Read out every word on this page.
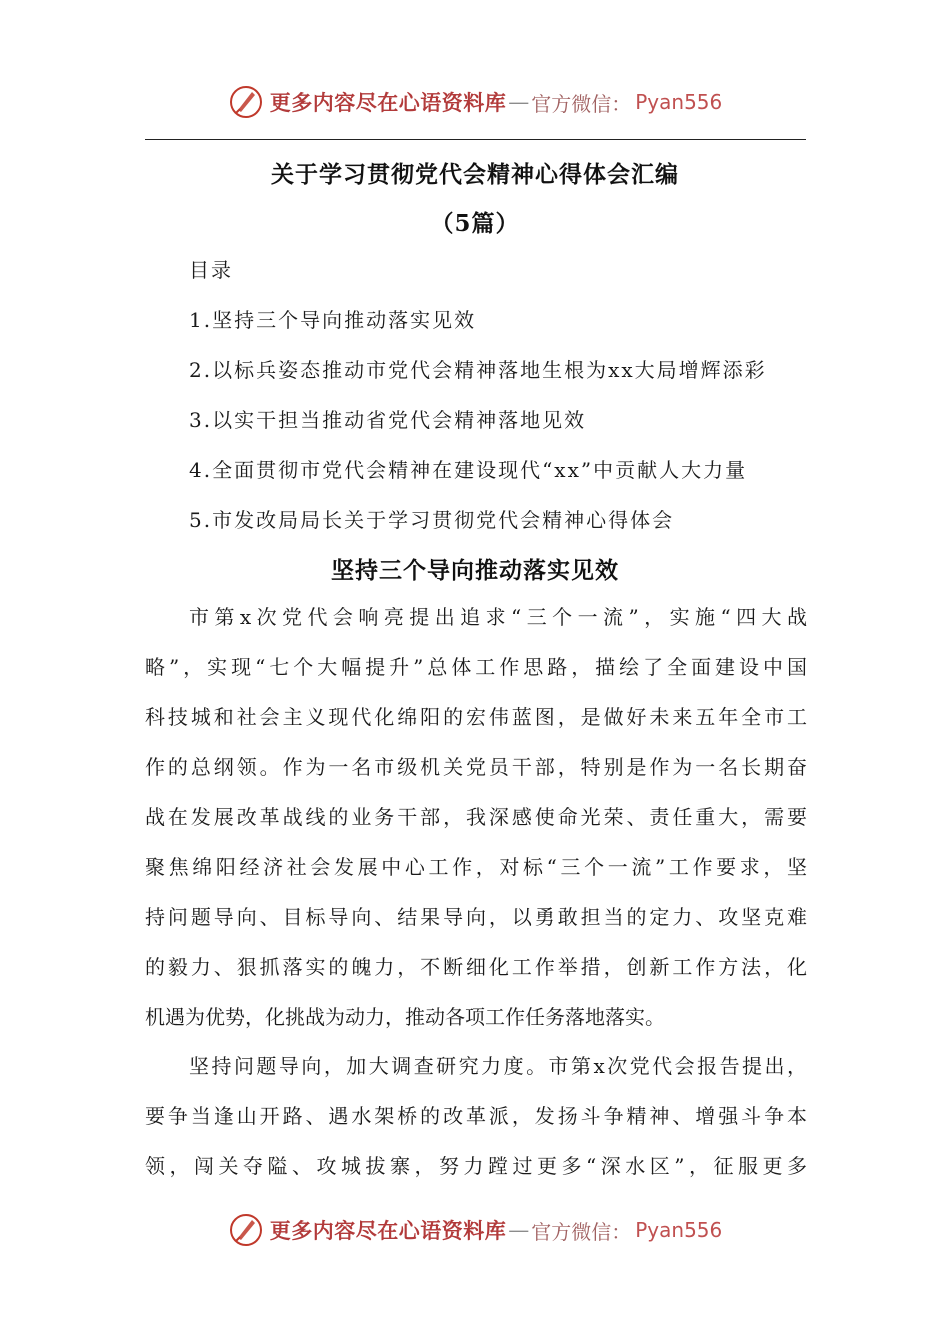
更多内容尽在心语资料库 — 官方微信： Pyan556
关于学习贯彻党代会精神心得体会汇编
（5篇）
目录
1.坚持三个导向推动落实见效
2.以标兵姿态推动市党代会精神落地生根为xx大局增辉添彩
3.以实干担当推动省党代会精神落地见效
4.全面贯彻市党代会精神在建设现代“xx”中贡献人大力量
5.市发改局局长关于学习贯彻党代会精神心得体会
坚持三个导向推动落实见效
市第x次党代会响亮提出追求“三个一流”，实施“四大战
略”，实现“七个大幅提升”总体工作思路，描绘了全面建设中国
科技城和社会主义现代化绵阳的宏伟蓝图，是做好未来五年全市工
作的总纲领。作为一名市级机关党员干部，特别是作为一名长期奋
战在发展改革战线的业务干部，我深感使命光荣、责任重大，需要
聚焦绵阳经济社会发展中心工作，对标“三个一流”工作要求，坚
持问题导向、目标导向、结果导向，以勇敢担当的定力、攻坚克难
的毅力、狠抓落实的魄力，不断细化工作举措，创新工作方法，化
机遇为优势，化挑战为动力，推动各项工作任务落地落实。
坚持问题导向，加大调查研究力度。市第x次党代会报告提出，
要争当逢山开路、遇水架桥的改革派，发扬斗争精神、增强斗争本
领，闯关夺隘、攻城拔寨，努力蹚过更多“深水区”，征服更多
更多内容尽在心语资料库 — 官方微信： Pyan556
